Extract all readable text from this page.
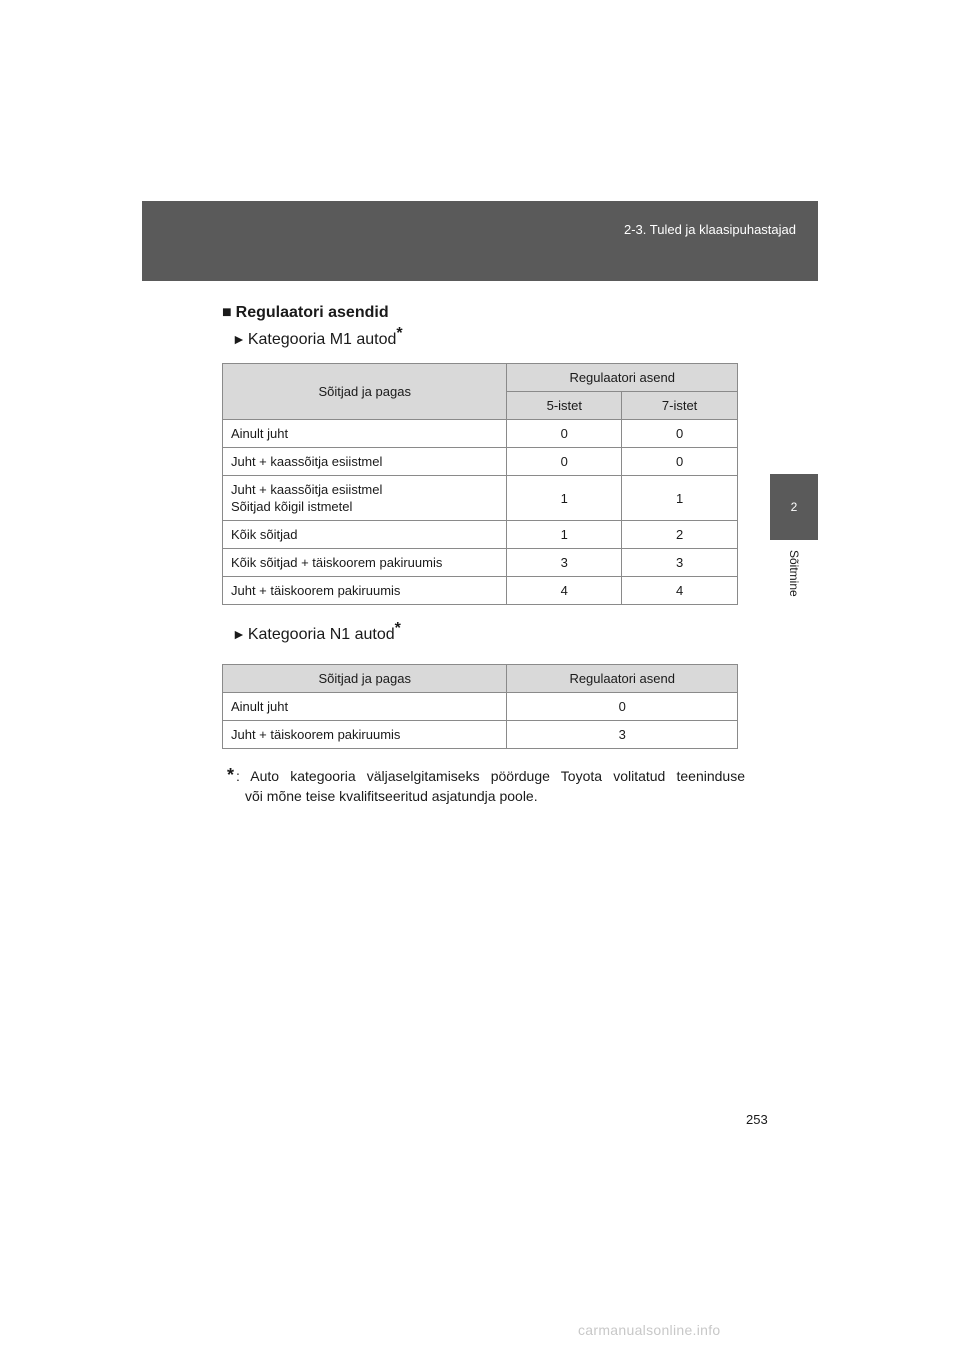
2-3. Tuled ja klaasipuhastajad
2
Sõitmine
■ Regulaatori asendid
► Kategooria M1 autod*
Sõitjad ja pagas	Regulaatori asend	
	5-istet	7-istet
Ainult juht	0	0
Juht + kaassõitja esiistmel	0	0
Juht + kaassõitja esiistmel
Sõitjad kõigil istmetel	1	1
Kõik sõitjad	1	2
Kõik sõitjad + täiskoorem pakiruumis	3	3
Juht + täiskoorem pakiruumis	4	4
► Kategooria N1 autod*
Sõitjad ja pagas	Regulaatori asend
Ainult juht	0
Juht + täiskoorem pakiruumis	3
* : Auto kategooria väljaselgitamiseks pöörduge Toyota volitatud teeninduse
või mõne teise kvalifitseeritud asjatundja poole.
253
carmanualsonline.info
